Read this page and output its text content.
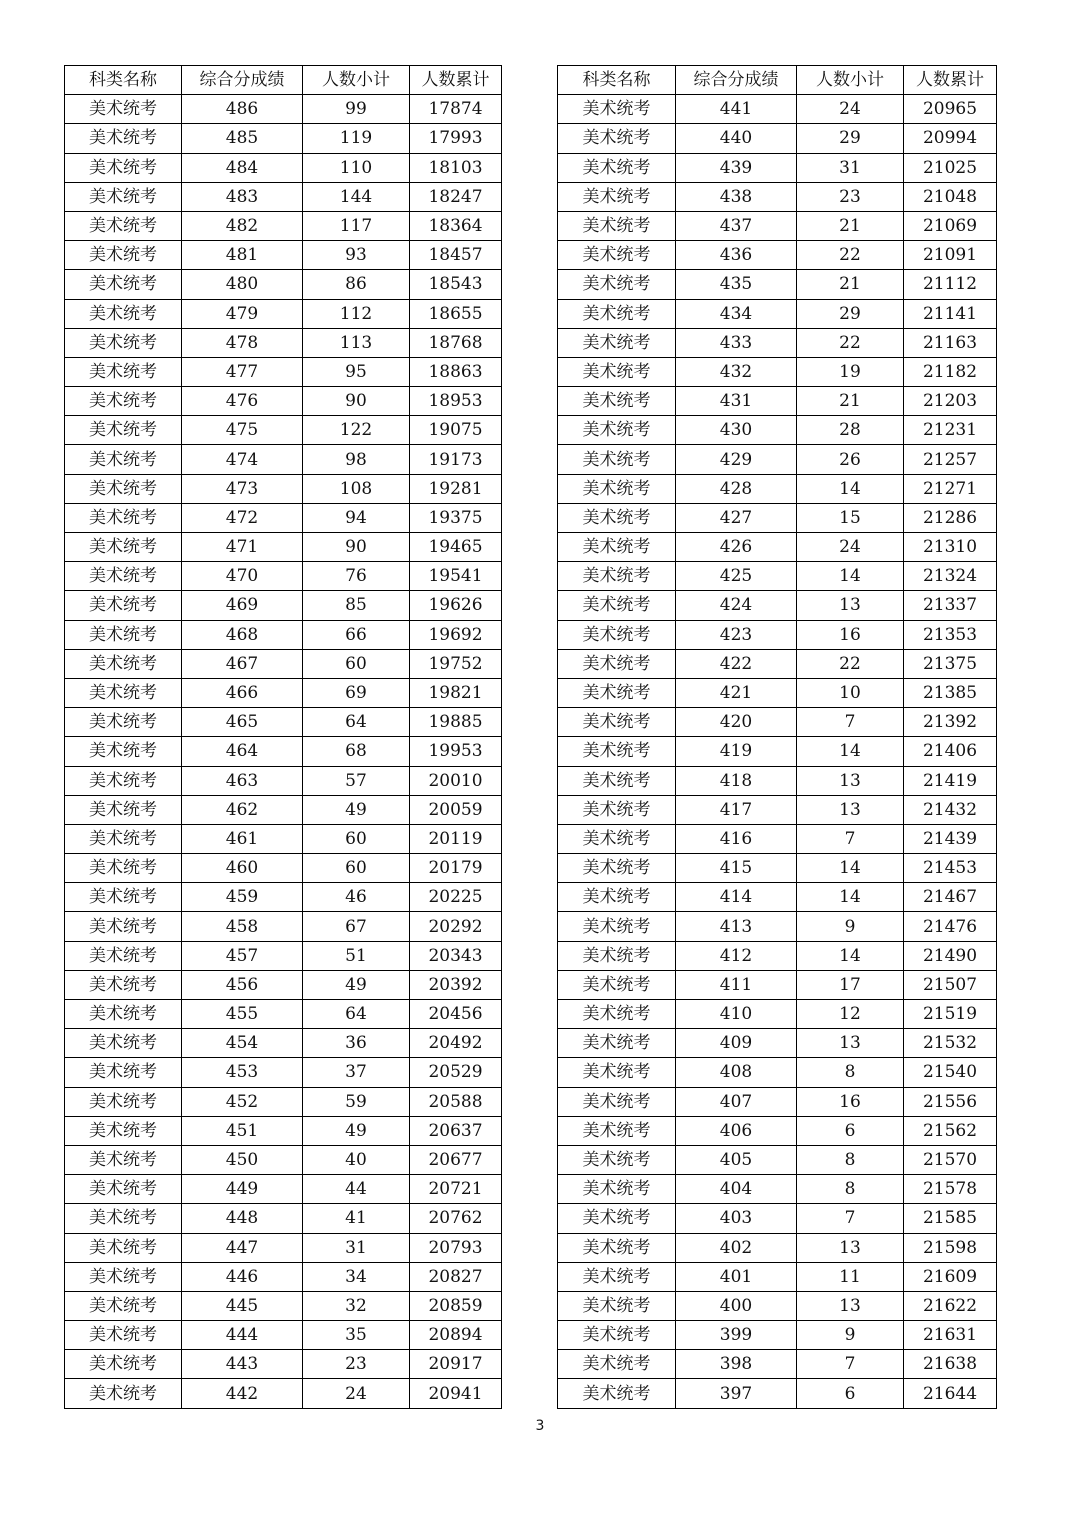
科类名称	综合分成绩	人数小计	人数累计
美术统考	486	99	17874
美术统考	485	119	17993
美术统考	484	110	18103
美术统考	483	144	18247
美术统考	482	117	18364
美术统考	481	93	18457
美术统考	480	86	18543
美术统考	479	112	18655
美术统考	478	113	18768
美术统考	477	95	18863
美术统考	476	90	18953
美术统考	475	122	19075
美术统考	474	98	19173
美术统考	473	108	19281
美术统考	472	94	19375
美术统考	471	90	19465
美术统考	470	76	19541
美术统考	469	85	19626
美术统考	468	66	19692
美术统考	467	60	19752
美术统考	466	69	19821
美术统考	465	64	19885
美术统考	464	68	19953
美术统考	463	57	20010
美术统考	462	49	20059
美术统考	461	60	20119
美术统考	460	60	20179
美术统考	459	46	20225
美术统考	458	67	20292
美术统考	457	51	20343
美术统考	456	49	20392
美术统考	455	64	20456
美术统考	454	36	20492
美术统考	453	37	20529
美术统考	452	59	20588
美术统考	451	49	20637
美术统考	450	40	20677
美术统考	449	44	20721
美术统考	448	41	20762
美术统考	447	31	20793
美术统考	446	34	20827
美术统考	445	32	20859
美术统考	444	35	20894
美术统考	443	23	20917
美术统考	442	24	20941
科类名称	综合分成绩	人数小计	人数累计
美术统考	441	24	20965
美术统考	440	29	20994
美术统考	439	31	21025
美术统考	438	23	21048
美术统考	437	21	21069
美术统考	436	22	21091
美术统考	435	21	21112
美术统考	434	29	21141
美术统考	433	22	21163
美术统考	432	19	21182
美术统考	431	21	21203
美术统考	430	28	21231
美术统考	429	26	21257
美术统考	428	14	21271
美术统考	427	15	21286
美术统考	426	24	21310
美术统考	425	14	21324
美术统考	424	13	21337
美术统考	423	16	21353
美术统考	422	22	21375
美术统考	421	10	21385
美术统考	420	7	21392
美术统考	419	14	21406
美术统考	418	13	21419
美术统考	417	13	21432
美术统考	416	7	21439
美术统考	415	14	21453
美术统考	414	14	21467
美术统考	413	9	21476
美术统考	412	14	21490
美术统考	411	17	21507
美术统考	410	12	21519
美术统考	409	13	21532
美术统考	408	8	21540
美术统考	407	16	21556
美术统考	406	6	21562
美术统考	405	8	21570
美术统考	404	8	21578
美术统考	403	7	21585
美术统考	402	13	21598
美术统考	401	11	21609
美术统考	400	13	21622
美术统考	399	9	21631
美术统考	398	7	21638
美术统考	397	6	21644
3
